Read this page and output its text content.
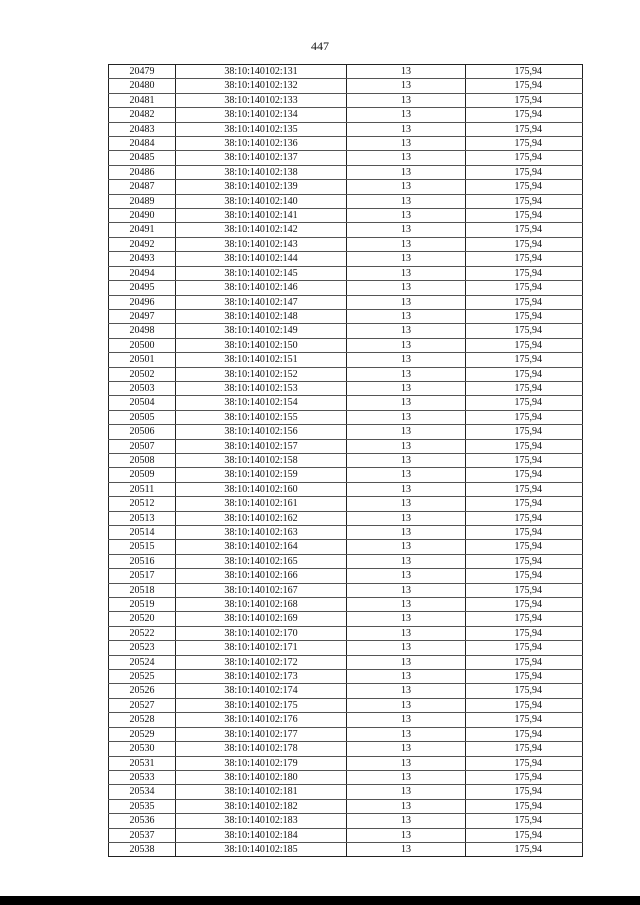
447
20479	38:10:140102:131	13	175,94
20480	38:10:140102:132	13	175,94
20481	38:10:140102:133	13	175,94
20482	38:10:140102:134	13	175,94
20483	38:10:140102:135	13	175,94
20484	38:10:140102:136	13	175,94
20485	38:10:140102:137	13	175,94
20486	38:10:140102:138	13	175,94
20487	38:10:140102:139	13	175,94
20489	38:10:140102:140	13	175,94
20490	38:10:140102:141	13	175,94
20491	38:10:140102:142	13	175,94
20492	38:10:140102:143	13	175,94
20493	38:10:140102:144	13	175,94
20494	38:10:140102:145	13	175,94
20495	38:10:140102:146	13	175,94
20496	38:10:140102:147	13	175,94
20497	38:10:140102:148	13	175,94
20498	38:10:140102:149	13	175,94
20500	38:10:140102:150	13	175,94
20501	38:10:140102:151	13	175,94
20502	38:10:140102:152	13	175,94
20503	38:10:140102:153	13	175,94
20504	38:10:140102:154	13	175,94
20505	38:10:140102:155	13	175,94
20506	38:10:140102:156	13	175,94
20507	38:10:140102:157	13	175,94
20508	38:10:140102:158	13	175,94
20509	38:10:140102:159	13	175,94
20511	38:10:140102:160	13	175,94
20512	38:10:140102:161	13	175,94
20513	38:10:140102:162	13	175,94
20514	38:10:140102:163	13	175,94
20515	38:10:140102:164	13	175,94
20516	38:10:140102:165	13	175,94
20517	38:10:140102:166	13	175,94
20518	38:10:140102:167	13	175,94
20519	38:10:140102:168	13	175,94
20520	38:10:140102:169	13	175,94
20522	38:10:140102:170	13	175,94
20523	38:10:140102:171	13	175,94
20524	38:10:140102:172	13	175,94
20525	38:10:140102:173	13	175,94
20526	38:10:140102:174	13	175,94
20527	38:10:140102:175	13	175,94
20528	38:10:140102:176	13	175,94
20529	38:10:140102:177	13	175,94
20530	38:10:140102:178	13	175,94
20531	38:10:140102:179	13	175,94
20533	38:10:140102:180	13	175,94
20534	38:10:140102:181	13	175,94
20535	38:10:140102:182	13	175,94
20536	38:10:140102:183	13	175,94
20537	38:10:140102:184	13	175,94
20538	38:10:140102:185	13	175,94
